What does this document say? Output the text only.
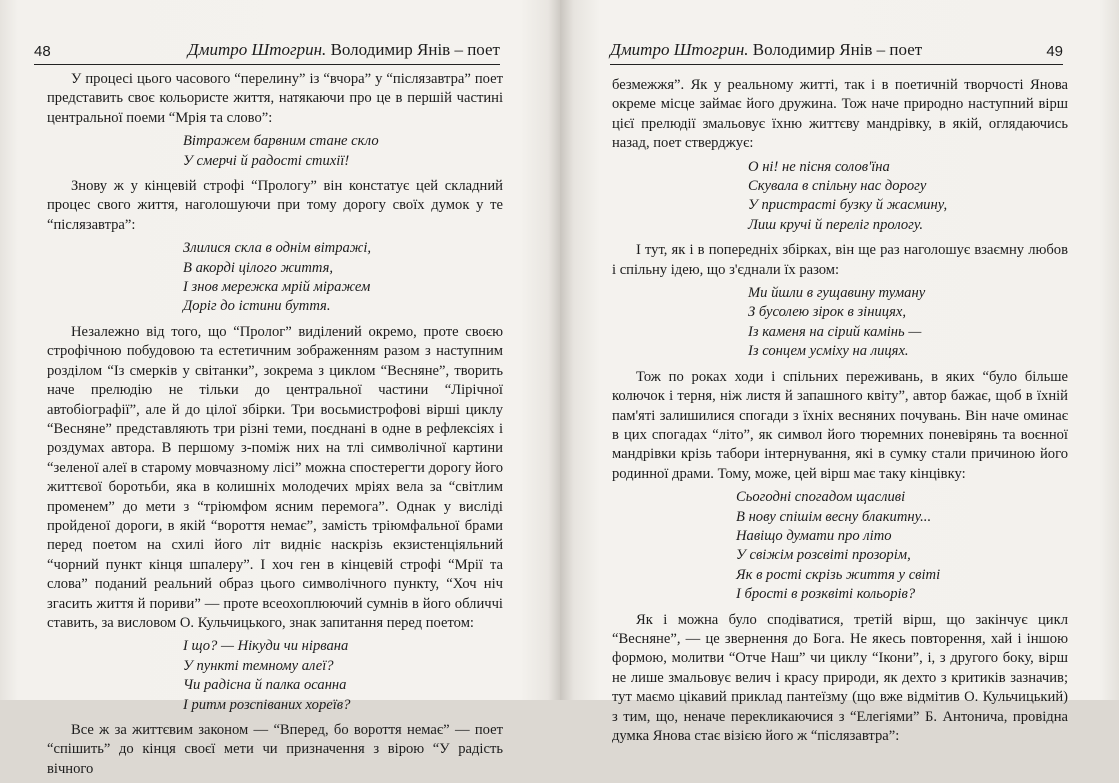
48	Дмитро Штогрин. Володимир Янів – поет

У процесі цього часового “перелину” із “вчора” у “післязавтра” поет представить своє кольористе життя, натякаючи про це в першій частині центральної поеми “Мрія та слово”:

Вітражем барвним стане скло
У смерчі й радості стихії!

Знову ж у кінцевій строфі “Прологу” він констатує цей складний процес свого життя, наголошуючи при тому дорогу своїх думок у те “післязавтра”:

Злилися скла в однім вітражі,
В акорді цілого життя,
І знов мережка мрій міражем
Доріг до істини буття.

Незалежно від того, що “Пролог” виділений окремо, проте своєю строфічною побудовою та естетичним зображенням разом з наступним розділом “Із смерків у світанки”, зокрема з циклом “Весняне”, творить наче прелюдію не тільки до центральної частини “Лірічної автобіографії”, але й до цілої збірки. Три восьмистрофові вірші циклу “Весняне” представляють три різні теми, поєднані в одне в рефлексіях і роздумах автора. В першому з-поміж них на тлі символічної картини “зеленої алеї в старому мовчазному лісі” можна спостерегти дорогу його життєвої боротьби, яка в колишніх молодечих мріях вела за “світлим променем” до мети з “тріюмфом ясним перемога”. Однак у висліді пройденої дороги, в якій “вороття немає”, замість тріюмфальної брами перед поетом на схилі його літ видніє наскрізь екзистенціяльний “чорний пункт кінця шпалеру”. І хоч ген в кінцевій строфі “Мрії та слова” поданий реальний образ цього символічного пункту, “Хоч ніч згасить життя й пориви” — проте всеохоплюючий сумнів в його обличчі ставить, за висловом О. Кульчицького, знак запитання перед поетом:

І що? — Нікуди чи нірвана
У пункті темному алеї?
Чи радісна й палка осанна
І ритм розспіваних хореїв?

Все ж за життєвим законом — “Вперед, бо вороття немає” — поет “спішить” до кінця своєї мети чи призначення з вірою “У радість вічного

Дмитро Штогрин. Володимир Янів – поет	49

безмежжя”. Як у реальному житті, так і в поетичній творчості Янова окреме місце займає його дружина. Тож наче природно наступний вірш цієї прелюдії змальовує їхню життєву мандрівку, в якій, оглядаючись назад, поет стверджує:

О ні! не пісня солов'їна
Скувала в спільну нас дорогу
У пристрасті бузку й жасмину,
Лиш кручі й переліг прологу.

І тут, як і в попередніх збірках, він ще раз наголошує взаємну любов і спільну ідею, що з'єднали їх разом:

Ми йшли в гущавину туману
З бусолею зірок в зіницях,
Із каменя на сірий камінь —
Із сонцем усміху на лицях.

Тож по роках ходи і спільних переживань, в яких “було більше колючок і терня, ніж листя й запашного квіту”, автор бажає, щоб в їхній пам'яті залишилися спогади з їхніх весняних почувань. Він наче оминає в цих спогадах “літо”, як символ його тюремних поневірянь та воєнної мандрівки крізь табори інтернування, які в сумку стали причиною його родинної драми. Тому, може, цей вірш має таку кінцівку:

Сьогодні спогадом щасливі
В нову спішім весну блакитну...
Навіщо думати про літо
У свіжім розсвіті прозорім,
Як в рості скрізь життя у світі
І брості в розквіті кольорів?

Як і можна було сподіватися, третій вірш, що закінчує цикл “Весняне”, — це звернення до Бога. Не якесь повторення, хай і іншою формою, молитви “Отче Наш” чи циклу “Ікони”, і, з другого боку, вірш не лише змальовує велич і красу природи, як дехто з критиків зазначив; тут маємо цікавий приклад пантеїзму (що вже відмітив О. Кульчицький) з тим, що, неначе перекликаючися з “Елегіями” Б. Антонича, провідна думка Янова стає візією його ж “післязавтра”:
